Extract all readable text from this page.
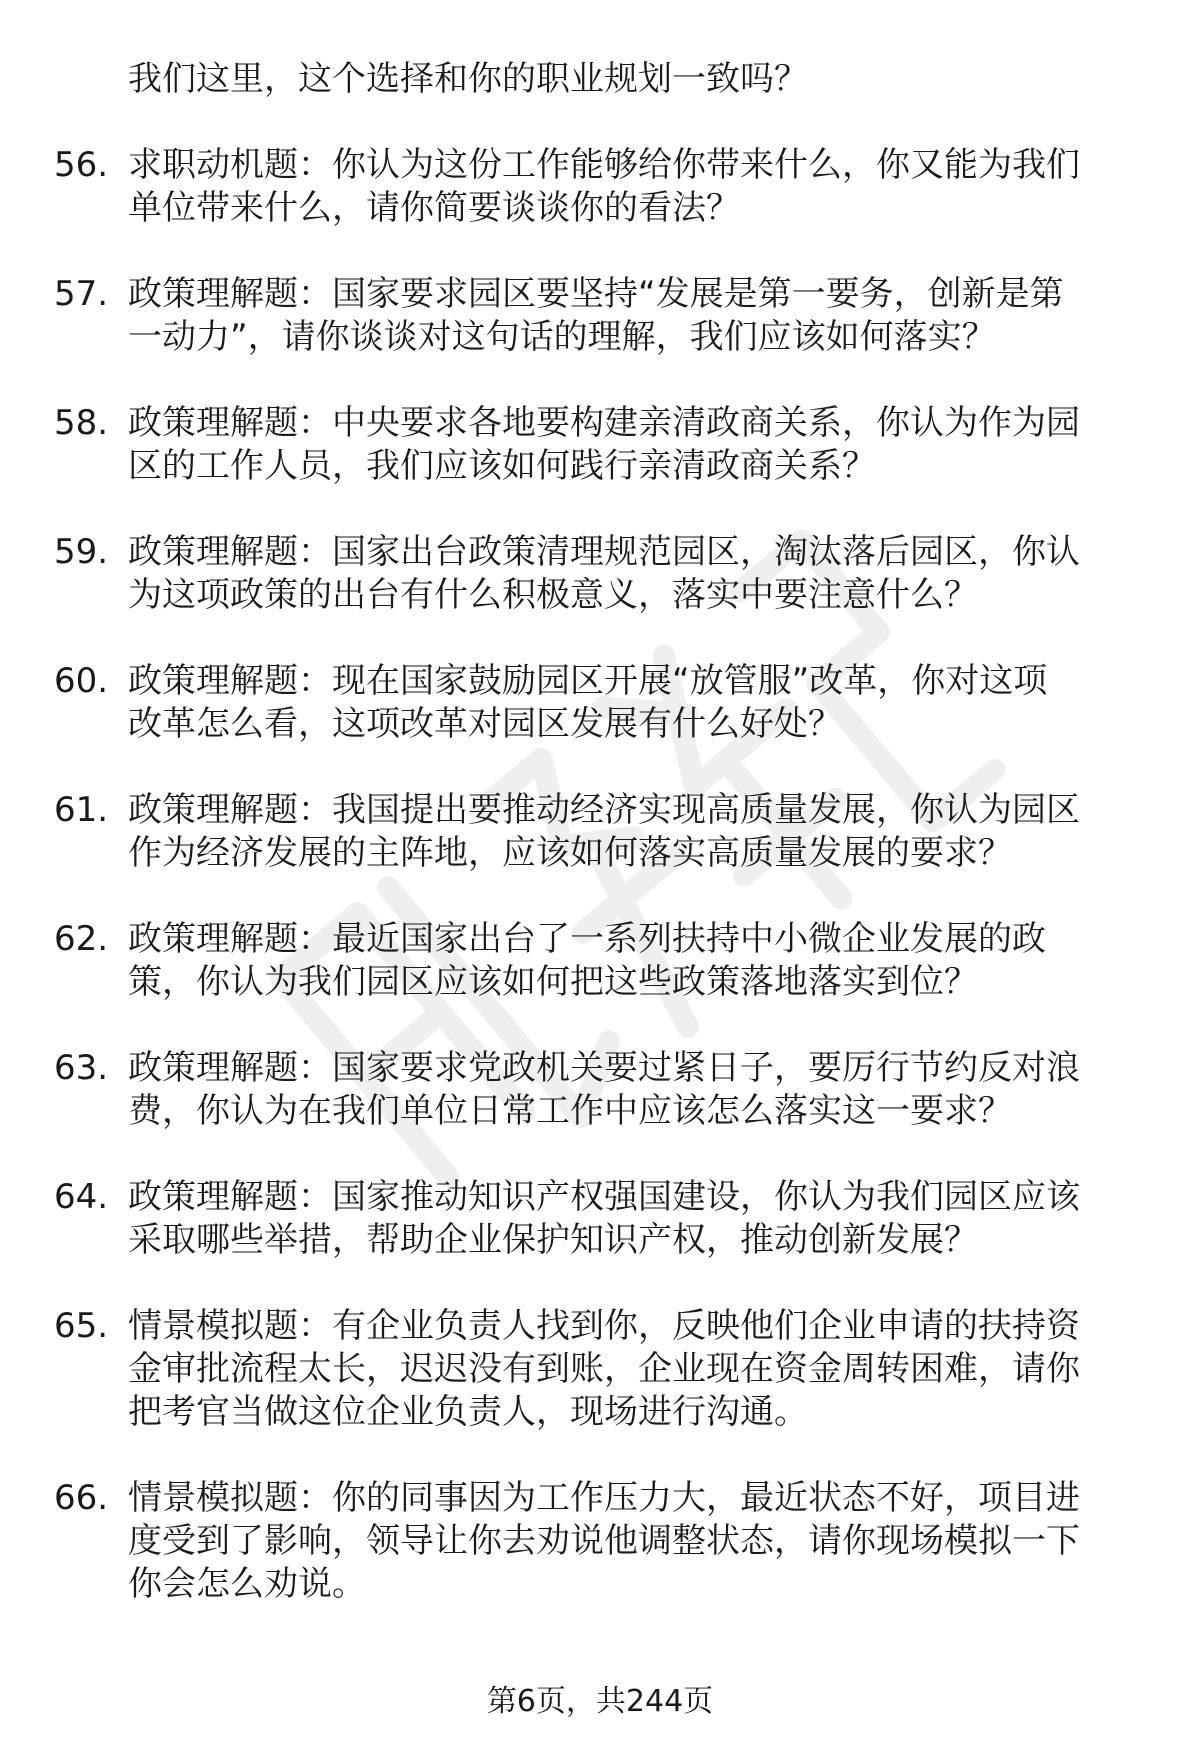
我们这里，这个选择和你的职业规划一致吗？
56. 求职动机题：你认为这份工作能够给你带来什么，你又能为我们
单位带来什么，请你简要谈谈你的看法？
57. 政策理解题：国家要求园区要坚持“发展是第一要务，创新是第
一动力”，请你谈谈对这句话的理解，我们应该如何落实？
58. 政策理解题：中央要求各地要构建亲清政商关系，你认为作为园
区的工作人员，我们应该如何践行亲清政商关系？
59. 政策理解题：国家出台政策清理规范园区，淘汰落后园区，你认
为这项政策的出台有什么积极意义，落实中要注意什么？
60. 政策理解题：现在国家鼓励园区开展“放管服”改革，你对这项
改革怎么看，这项改革对园区发展有什么好处？
61. 政策理解题：我国提出要推动经济实现高质量发展，你认为园区
作为经济发展的主阵地，应该如何落实高质量发展的要求？
62. 政策理解题：最近国家出台了一系列扶持中小微企业发展的政
策，你认为我们园区应该如何把这些政策落地落实到位？
63. 政策理解题：国家要求党政机关要过紧日子，要厉行节约反对浪
费，你认为在我们单位日常工作中应该怎么落实这一要求？
64. 政策理解题：国家推动知识产权强国建设，你认为我们园区应该
采取哪些举措，帮助企业保护知识产权，推动创新发展？
65. 情景模拟题：有企业负责人找到你，反映他们企业申请的扶持资
金审批流程太长，迟迟没有到账，企业现在资金周转困难，请你
把考官当做这位企业负责人，现场进行沟通。
66. 情景模拟题：你的同事因为工作压力大，最近状态不好，项目进
度受到了影响，领导让你去劝说他调整状态，请你现场模拟一下
你会怎么劝说。
第6页，共244页
